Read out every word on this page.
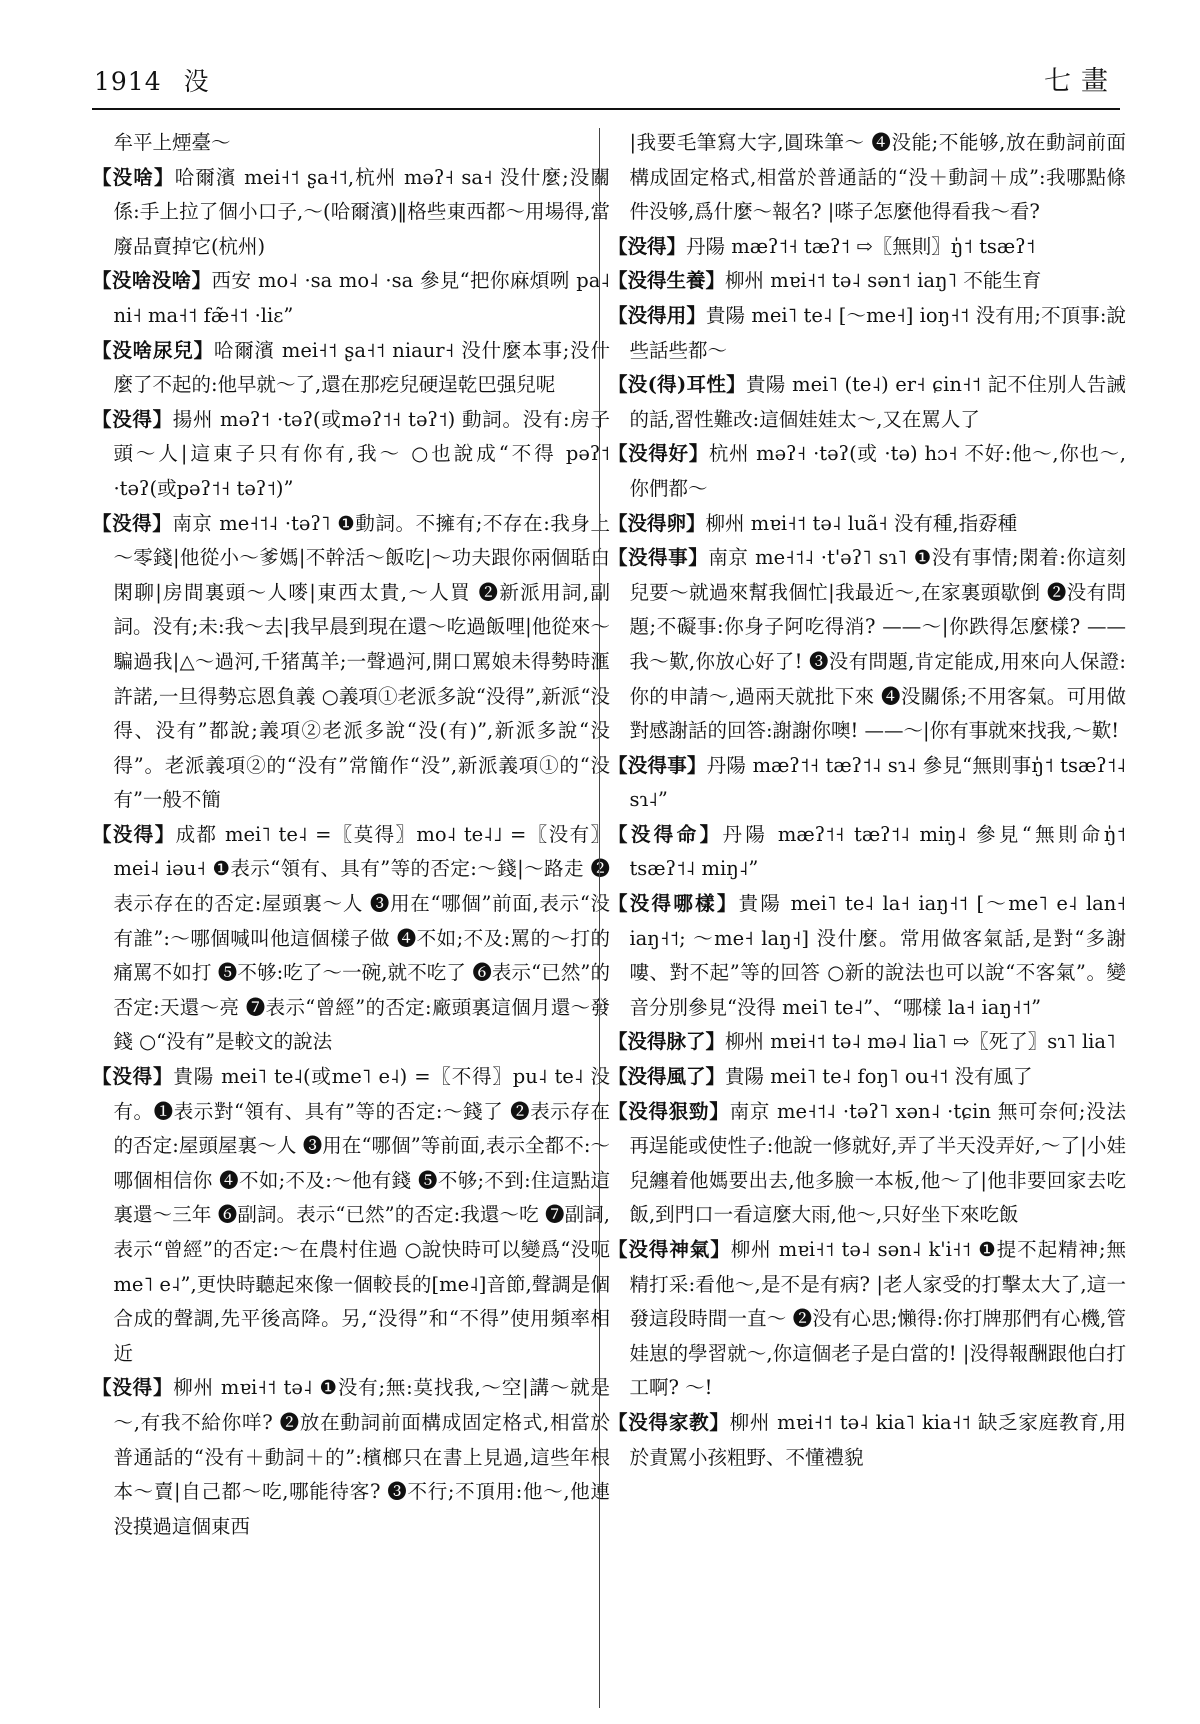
1914 没	七畫

牟平上煙臺～

【没啥】哈爾濱 mei˧˦ ʂa˧˦,杭州 məʔ˧ sa˧ 没什麼;没關係:手上拉了個小口子,～(哈爾濱)‖格些東西都～用場得,當廢品賣掉它(杭州)

【没啥没啥】西安 mo˨ ·sa mo˨ ·sa 參見“把你麻煩咧 pa˨ ni˧ ma˧˦ fæ̃˧˦ ·liɛ”

【没啥尿兒】哈爾濱 mei˧˦ ʂa˧˦ niaur˧ 没什麼本事;没什麼了不起的:他早就～了,還在那疙兒硬逞乾巴强兒呢

【没得】揚州 məʔ˦ ·təʔ(或məʔ˦˧ təʔ˦) 動詞。没有:房子頭～人|這東子只有你有,我～ ○也說成“不得 pəʔ˦ ·təʔ(或pəʔ˦˧ təʔ˦)”

【没得】南京 me˧˦˨ ·təʔ˥ ❶動詞。不擁有;不存在:我身上～零錢|他從小～爹媽|不幹活～飯吃|～功夫跟你兩個聒白閑聊|房間裏頭～人嘜|東西太貴,～人買 ❷新派用詞,副詞。没有;未:我～去|我早晨到現在還～吃過飯哩|他從來～騙過我|△～過河,千猪萬羊;一聲過河,開口罵娘未得勢時滙許諾,一旦得勢忘恩負義 ○義項①老派多說“没得”,新派“没得、没有”都說;義項②老派多說“没(有)”,新派多說“没得”。老派義項②的“没有”常簡作“没”,新派義項①的“没有”一般不簡

【没得】成都 mei˥ te˨ =〖莫得〗mo˨ te˨˩ =〖没有〗mei˨ iəu˧ ❶表示“領有、具有”等的否定:～錢|～路走 ❷表示存在的否定:屋頭裏～人 ❸用在“哪個”前面,表示“没有誰”:～哪個喊叫他這個樣子做 ❹不如;不及:罵的～打的痛罵不如打 ❺不够:吃了～一碗,就不吃了 ❻表示“已然”的否定:天還～亮 ❼表示“曾經”的否定:廠頭裏這個月還～發錢 ○“没有”是較文的說法

【没得】貴陽 mei˥ te˨(或me˥ e˨) =〖不得〗pu˨ te˨ 没有。❶表示對“領有、具有”等的否定:～錢了 ❷表示存在的否定:屋頭屋裏～人 ❸用在“哪個”等前面,表示全都不:～哪個相信你 ❹不如;不及:～他有錢 ❺不够;不到:住這點這裏還～三年 ❻副詞。表示“已然”的否定:我還～吃 ❼副詞,表示“曾經”的否定:～在農村住過 ○說快時可以變爲“没呃 me˥ e˨”,更快時聽起來像一個較長的[me˨]音節,聲調是個合成的聲調,先平後高降。另,“没得”和“不得”使用頻率相近

【没得】柳州 mɐi˧˦ tə˨ ❶没有;無:莫找我,～空|講～就是～,有我不給你咩? ❷放在動詞前面構成固定格式,相當於普通話的“没有＋動詞＋的”:檳榔只在書上見過,這些年根本～賣|自己都～吃,哪能待客? ❸不行;不頂用:他～,他連没摸過這個東西

|我要毛筆寫大字,圓珠筆～ ❹没能;不能够,放在動詞前面構成固定格式,相當於普通話的“没＋動詞＋成”:我哪點條件没够,爲什麼～報名? |嗏子怎麼他得看我～看?

【没得】丹陽 mæʔ˦˧ tæʔ˦ ⇨〖無則〗ŋ̍˦ tsæʔ˦

【没得生養】柳州 mɐi˧˦ tə˨ sən˦ iaŋ˥ 不能生育

【没得用】貴陽 mei˥ te˨ [～me˧] ioŋ˧˦ 没有用;不頂事:說些話些都～

【没(得)耳性】貴陽 mei˥ (te˨) er˧ ɕin˧˦ 記不住別人告誡的話,習性難改:這個娃娃太～,又在罵人了

【没得好】杭州 məʔ˧ ·təʔ(或 ·tə) hɔ˧ 不好:他～,你也～,你們都～

【没得卵】柳州 mɐi˧˦ tə˨ luã˧ 没有種,指孬種

【没得事】南京 me˧˦˨ ·t'əʔ˥ sɿ˥ ❶没有事情;閑着:你這刻兒要～就過來幫我個忙|我最近～,在家裏頭歇倒 ❷没有問題;不礙事:你身子阿吃得消? ——～|你跌得怎麼樣? ——我～歎,你放心好了! ❸没有問題,肯定能成,用來向人保證:你的申請～,過兩天就批下來 ❹没關係;不用客氣。可用做對感謝話的回答:謝謝你噢! ——～|你有事就來找我,～歎!

【没得事】丹陽 mæʔ˦˧ tæʔ˦˨ sɿ˨ 參見“無則事ŋ̍˦ tsæʔ˦˨ sɿ˨”

【没得命】丹陽 mæʔ˦˧ tæʔ˦˨ miŋ˨ 參見“無則命ŋ̍˦ tsæʔ˦˨ miŋ˨”

【没得哪樣】貴陽 mei˥ te˨ la˧ iaŋ˧˦ [～me˥ e˨ lan˧ iaŋ˧˦; ～me˧ laŋ˧] 没什麼。常用做客氣話,是對“多謝嘍、對不起”等的回答 ○新的說法也可以說“不客氣”。變音分別參見“没得 mei˥ te˨”、“哪樣 la˧ iaŋ˧˦”

【没得脉了】柳州 mɐi˧˦ tə˨ mə˨ lia˥ ⇨〖死了〗sɿ˥ lia˥

【没得風了】貴陽 mei˥ te˨ foŋ˥ ou˧˦ 没有風了

【没得狠勁】南京 me˧˦˨ ·təʔ˥ xən˨ ·tɕin 無可奈何;没法再逞能或使性子:他說一修就好,弄了半天没弄好,～了|小娃兒纏着他媽要出去,他多臉一本板,他～了|他非要回家去吃飯,到門口一看這麼大雨,他～,只好坐下來吃飯

【没得神氣】柳州 mɐi˧˦ tə˨ sən˨ k'i˧˦ ❶提不起精神;無精打采:看他～,是不是有病? |老人家受的打擊太大了,這一發這段時間一直～ ❷没有心思;懶得:你打牌那們有心機,管娃崽的學習就～,你這個老子是白當的! |没得報酬跟他白打工啊? ～!

【没得家教】柳州 mɐi˧˦ tə˨ kia˥ kia˧˦ 缺乏家庭教育,用於責罵小孩粗野、不懂禮貌
